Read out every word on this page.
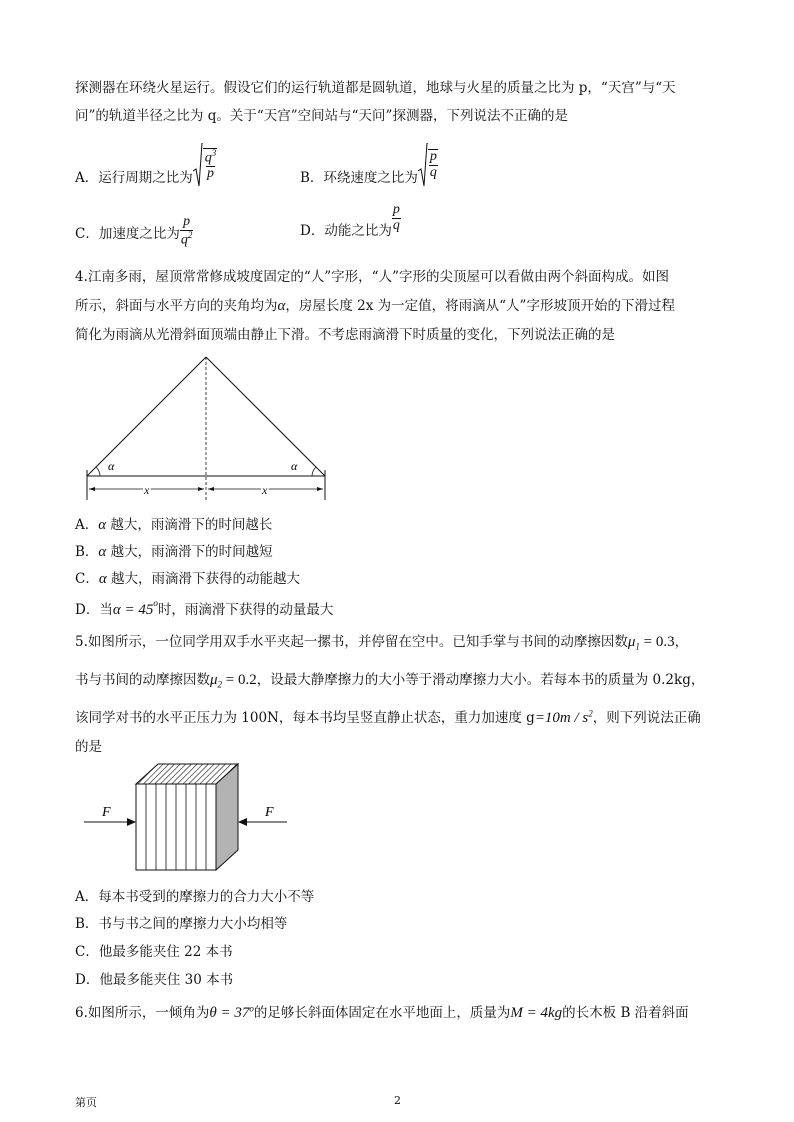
探测器在环绕火星运行。假设它们的运行轨道都是圆轨道，地球与火星的质量之比为 p，“天宫”与“天
问”的轨道半径之比为 q。关于“天宫”空间站与“天问”探测器，下列说法不正确的是
A．运行周期之比为 $\frac{q^3}{p}$	B．环绕速度之比为 $\frac{p}{q}$
C．加速度之比为 $\frac{p}{q^2}$	D．动能之比为 $\frac{p}{q}$
4.江南多雨，屋顶常常修成坡度固定的“人”字形，“人”字形的尖顶屋可以看做由两个斜面构成。如图
所示，斜面与水平方向的夹角均为α，房屋长度 2x 为一定值，将雨滴从“人”字形坡顶开始的下滑过程
简化为雨滴从光滑斜面顶端由静止下滑。不考虑雨滴滑下时质量的变化，下列说法正确的是
α	α
x	x
A．α 越大，雨滴滑下的时间越长
B．α 越大，雨滴滑下的时间越短
C．α 越大，雨滴滑下获得的动能越大
D．当$\alpha = 45^o$时，雨滴滑下获得的动量最大
5.如图所示，一位同学用双手水平夹起一摞书，并停留在空中。已知手掌与书间的动摩擦因数$\mu_1 = 0.3$，
书与书间的动摩擦因数$\mu_2 = 0.2$，设最大静摩擦力的大小等于滑动摩擦力大小。若每本书的质量为 0.2kg，
该同学对书的水平正压力为 100N，每本书均呈竖直静止状态，重力加速度 $g=10m / s^2$，则下列说法正确
的是
F	F
A．每本书受到的摩擦力的合力大小不等
B．书与书之间的摩擦力大小均相等
C．他最多能夹住 22 本书
D．他最多能夹住 30 本书
6.如图所示，一倾角为$\theta = 37^o$的足够长斜面体固定在水平地面上，质量为M = 4kg的长木板 B 沿着斜面
第页	2
